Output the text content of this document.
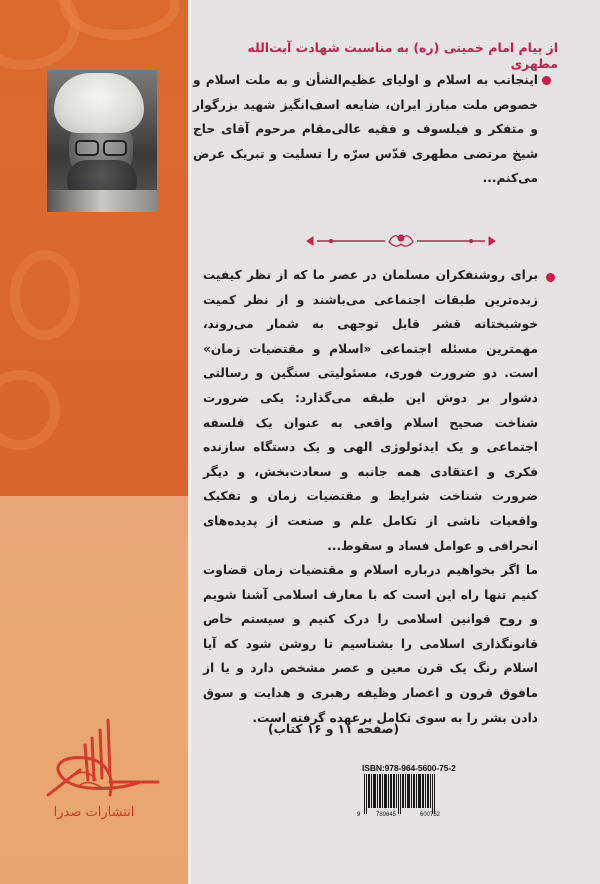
انتشارات صدرا
از پیام امام خمینی (ره) به مناسبت شهادت آیت‌الله مطهری

اینجانب به اسلام و اولیای عظیم‌الشأن و به ملت اسلام و خصوص ملت مبارز ایران، ضایعه اسف‌انگیز شهید بزرگوار و متفکر و فیلسوف و فقیه عالی‌مقام مرحوم آقای حاج شیخ مرتضی مطهری قدّس سرّه را تسلیت و تبریک عرض می‌کنم...

برای روشنفکران مسلمان در عصر ما که از نظر کیفیت زبده‌ترین طبقات اجتماعی می‌باشند و از نظر کمیت خوشبختانه قشر قابل توجهی به شمار می‌روند، مهمترین مسئله اجتماعی «اسلام و مقتضیات زمان» است. دو ضرورت فوری، مسئولیتی سنگین و رسالتی دشوار بر دوش این طبقه می‌گذارد: یکی ضرورت شناخت صحیح اسلام واقعی به عنوان یک فلسفه اجتماعی و یک ایدئولوژی الهی و یک دستگاه سازنده فکری و اعتقادی همه جانبه و سعادت‌بخش، و دیگر ضرورت شناخت شرایط و مقتضیات زمان و تفکیک واقعیات ناشی از تکامل علم و صنعت از پدیده‌های انحرافی و عوامل فساد و سقوط...

ما اگر بخواهیم درباره اسلام و مقتضیات زمان قضاوت کنیم تنها راه این است که با معارف اسلامی آشنا شویم و روح قوانین اسلامی را درک کنیم و سیستم خاص قانونگذاری اسلامی را بشناسیم تا روشن شود که آیا اسلام رنگ یک قرن معین و عصر مشخص دارد و یا از مافوق قرون و اعصار وظیفه رهبری و هدایت و سوق دادن بشر را به سوی تکامل برعهده گرفته است.

(صفحه ۱۱ و ۱۶ کتاب)
ISBN:978-964-5600-75-2
9	789645	600752
